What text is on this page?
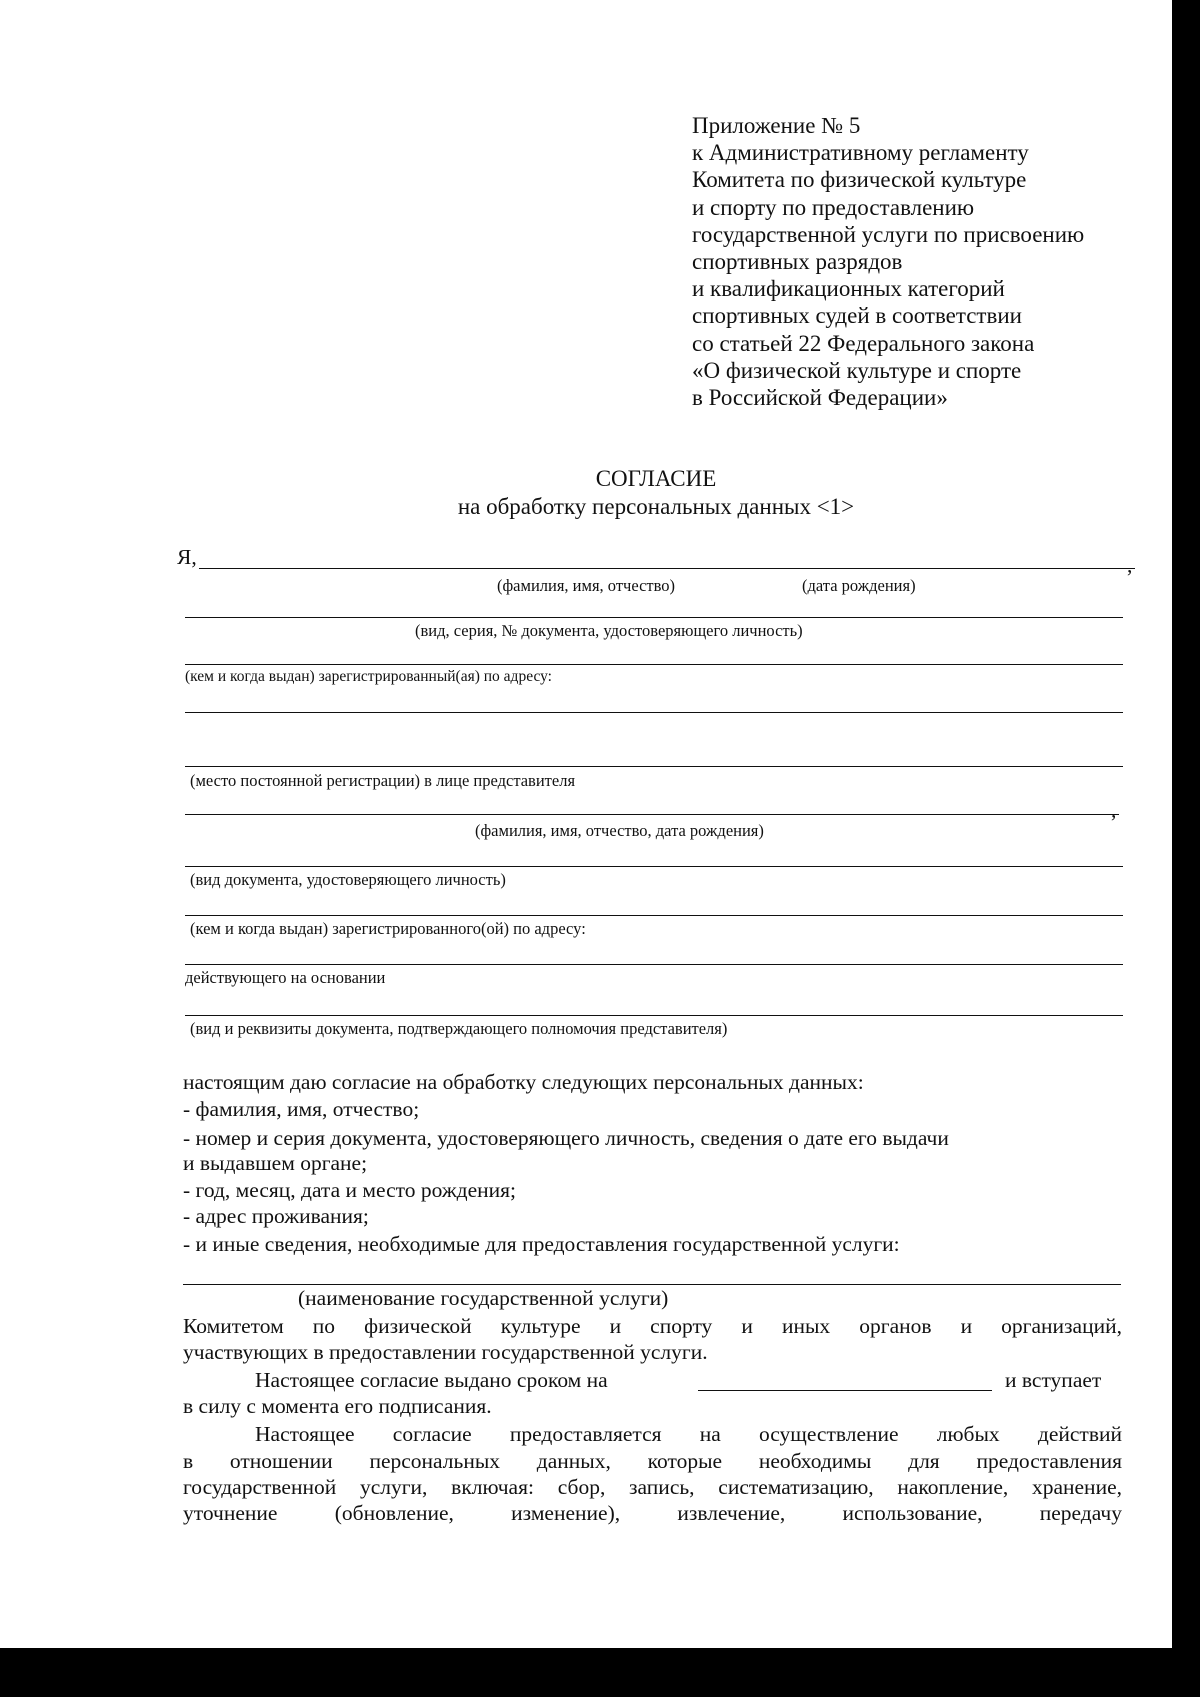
Приложение № 5
к Административному регламенту
Комитета по физической культуре
и спорту по предоставлению
государственной услуги по присвоению
спортивных разрядов
и квалификационных категорий
спортивных судей в соответствии
со статьей 22 Федерального закона
«О физической культуре и спорте
в Российской Федерации»
СОГЛАСИЕ
на обработку персональных данных <1>
Я,	,
(фамилия, имя, отчество)	(дата рождения)
(вид, серия, № документа, удостоверяющего личность)
(кем и когда выдан) зарегистрированный(ая) по адресу:
(место постоянной регистрации) в лице представителя
,
(фамилия, имя, отчество, дата рождения)
(вид документа, удостоверяющего личность)
(кем и когда выдан) зарегистрированного(ой) по адресу:
действующего на основании
(вид и реквизиты документа, подтверждающего полномочия представителя)
настоящим даю согласие на обработку следующих персональных данных:
- фамилия, имя, отчество;
- номер и серия документа, удостоверяющего личность, сведения о дате его выдачи
и выдавшем органе;
- год, месяц, дата и место рождения;
- адрес проживания;
- и иные сведения, необходимые для предоставления государственной услуги:
(наименование государственной услуги)
Комитетом по физической культуре и спорту и иных органов и организаций,
участвующих в предоставлении государственной услуги.
Настоящее согласие выдано сроком на	и вступает
в силу с момента его подписания.
Настоящее согласие предоставляется на осуществление любых действий
в отношении персональных данных, которые необходимы для предоставления
государственной услуги, включая: сбор, запись, систематизацию, накопление, хранение,
уточнение (обновление, изменение), извлечение, использование, передачу
